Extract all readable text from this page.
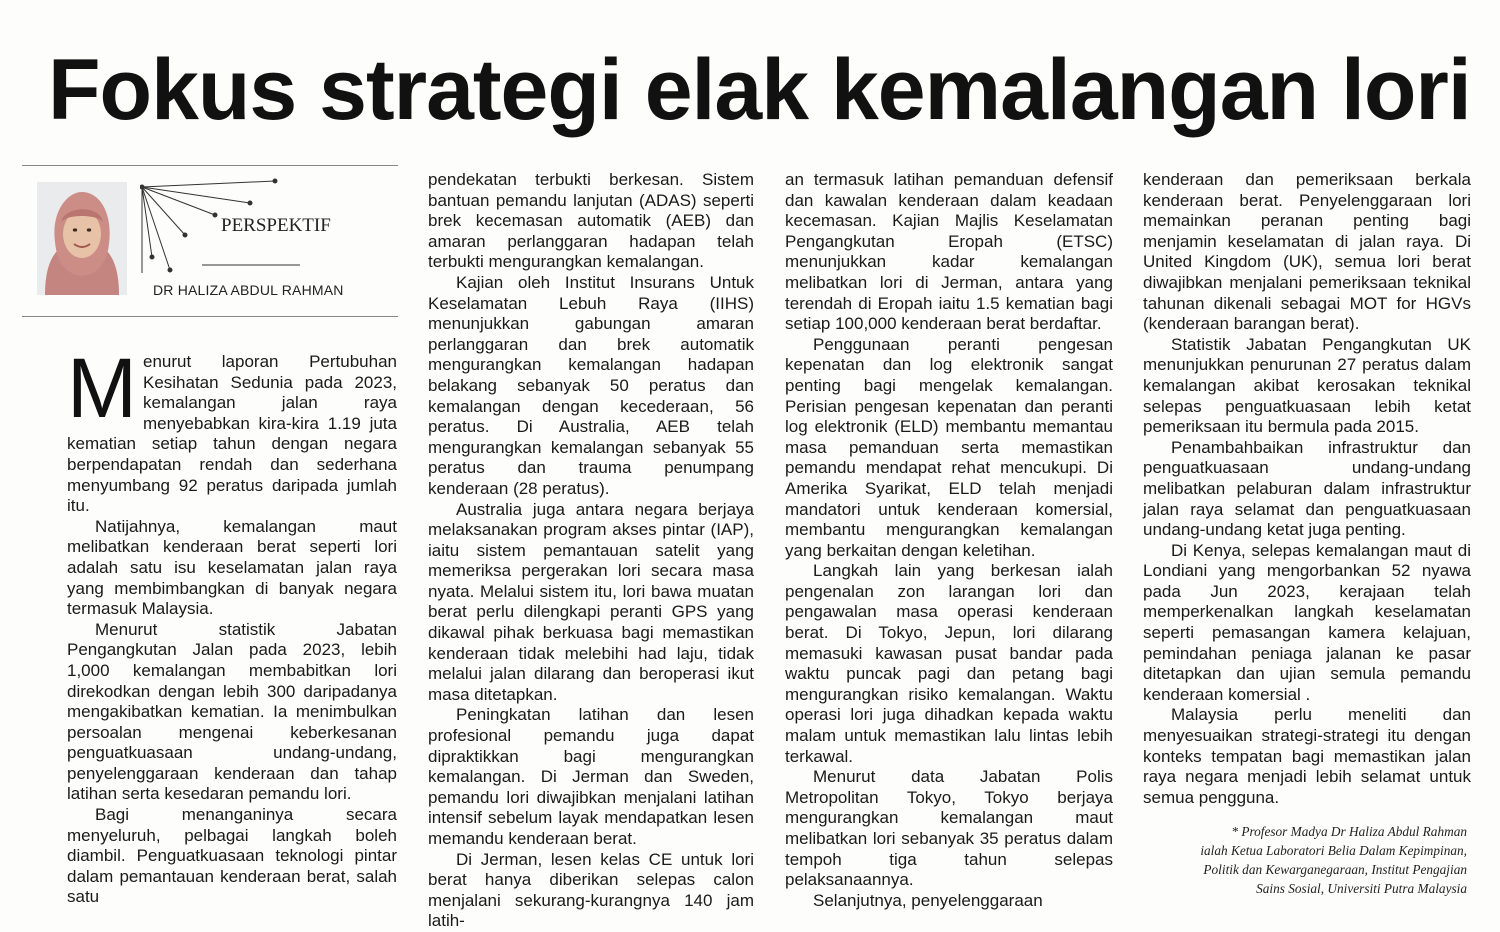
Fokus strategi elak kemalangan lori
PERSPEKTIF
DR HALIZA ABDUL RAHMAN

Menurut laporan Pertubuhan Kesihatan Sedunia pada 2023, kemalangan jalan raya menyebabkan kira-kira 1.19 juta kematian setiap tahun dengan negara berpendapatan rendah dan sederhana menyumbang 92 peratus daripada jumlah itu.

Natijahnya, kemalangan maut melibatkan kenderaan berat seperti lori adalah satu isu keselamatan jalan raya yang membimbangkan di banyak negara termasuk Malaysia.

Menurut statistik Jabatan Pengangkutan Jalan pada 2023, lebih 1,000 kemalangan membabitkan lori direkodkan dengan lebih 300 daripadanya mengakibatkan kematian. Ia menimbulkan persoalan mengenai keberkesanan penguatkuasaan undang-undang, penyelenggaraan kenderaan dan tahap latihan serta kesedaran pemandu lori.

Bagi menanganinya secara menyeluruh, pelbagai langkah boleh diambil. Penguatkuasaan teknologi pintar dalam pemantauan kenderaan berat, salah satu

pendekatan terbukti berkesan. Sistem bantuan pemandu lanjutan (ADAS) seperti brek kecemasan automatik (AEB) dan amaran perlanggaran hadapan telah terbukti mengurangkan kemalangan.

Kajian oleh Institut Insurans Untuk Keselamatan Lebuh Raya (IIHS) menunjukkan gabungan amaran perlanggaran dan brek automatik mengurangkan kemalangan hadapan belakang sebanyak 50 peratus dan kemalangan dengan kecederaan, 56 peratus. Di Australia, AEB telah mengurangkan kemalangan sebanyak 55 peratus dan trauma penumpang kenderaan (28 peratus).

Australia juga antara negara berjaya melaksanakan program akses pintar (IAP), iaitu sistem pemantauan satelit yang memeriksa pergerakan lori secara masa nyata. Melalui sistem itu, lori bawa muatan berat perlu dilengkapi peranti GPS yang dikawal pihak berkuasa bagi memastikan kenderaan tidak melebihi had laju, tidak melalui jalan dilarang dan beroperasi ikut masa ditetapkan.

Peningkatan latihan dan lesen profesional pemandu juga dapat dipraktikkan bagi mengurangkan kemalangan. Di Jerman dan Sweden, pemandu lori diwajibkan menjalani latihan intensif sebelum layak mendapatkan lesen memandu kenderaan berat.

Di Jerman, lesen kelas CE untuk lori berat hanya diberikan selepas calon menjalani sekurang-kurangnya 140 jam latih-

an termasuk latihan pemanduan defensif dan kawalan kenderaan dalam keadaan kecemasan. Kajian Majlis Keselamatan Pengangkutan Eropah (ETSC) menunjukkan kadar kemalangan melibatkan lori di Jerman, antara yang terendah di Eropah iaitu 1.5 kematian bagi setiap 100,000 kenderaan berat berdaftar.

Penggunaan peranti pengesan kepenatan dan log elektronik sangat penting bagi mengelak kemalangan. Perisian pengesan kepenatan dan peranti log elektronik (ELD) membantu memantau masa pemanduan serta memastikan pemandu mendapat rehat mencukupi. Di Amerika Syarikat, ELD telah menjadi mandatori untuk kenderaan komersial, membantu mengurangkan kemalangan yang berkaitan dengan keletihan.

Langkah lain yang berkesan ialah pengenalan zon larangan lori dan pengawalan masa operasi kenderaan berat. Di Tokyo, Jepun, lori dilarang memasuki kawasan pusat bandar pada waktu puncak pagi dan petang bagi mengurangkan risiko kemalangan. Waktu operasi lori juga dihadkan kepada waktu malam untuk memastikan lalu lintas lebih terkawal.

Menurut data Jabatan Polis Metropolitan Tokyo, Tokyo berjaya mengurangkan kemalangan maut melibatkan lori sebanyak 35 peratus dalam tempoh tiga tahun selepas pelaksanaannya.

Selanjutnya, penyelenggaraan

kenderaan dan pemeriksaan berkala kenderaan berat. Penyelenggaraan lori memainkan peranan penting bagi menjamin keselamatan di jalan raya. Di United Kingdom (UK), semua lori berat diwajibkan menjalani pemeriksaan teknikal tahunan dikenali sebagai MOT for HGVs (kenderaan barangan berat).

Statistik Jabatan Pengangkutan UK menunjukkan penurunan 27 peratus dalam kemalangan akibat kerosakan teknikal selepas penguatkuasaan lebih ketat pemeriksaan itu bermula pada 2015.

Penambahbaikan infrastruktur dan penguatkuasaan undang-undang melibatkan pelaburan dalam infrastruktur jalan raya selamat dan penguatkuasaan undang-undang ketat juga penting.

Di Kenya, selepas kemalangan maut di Londiani yang mengorbankan 52 nyawa pada Jun 2023, kerajaan telah memperkenalkan langkah keselamatan seperti pemasangan kamera kelajuan, pemindahan peniaga jalanan ke pasar ditetapkan dan ujian semula pemandu kenderaan komersial .

Malaysia perlu meneliti dan menyesuaikan strategi-strategi itu dengan konteks tempatan bagi memastikan jalan raya negara menjadi lebih selamat untuk semua pengguna.

* Profesor Madya Dr Haliza Abdul Rahman
ialah Ketua Laboratori Belia Dalam Kepimpinan,
Politik dan Kewarganegaraan, Institut Pengajian
Sains Sosial, Universiti Putra Malaysia
